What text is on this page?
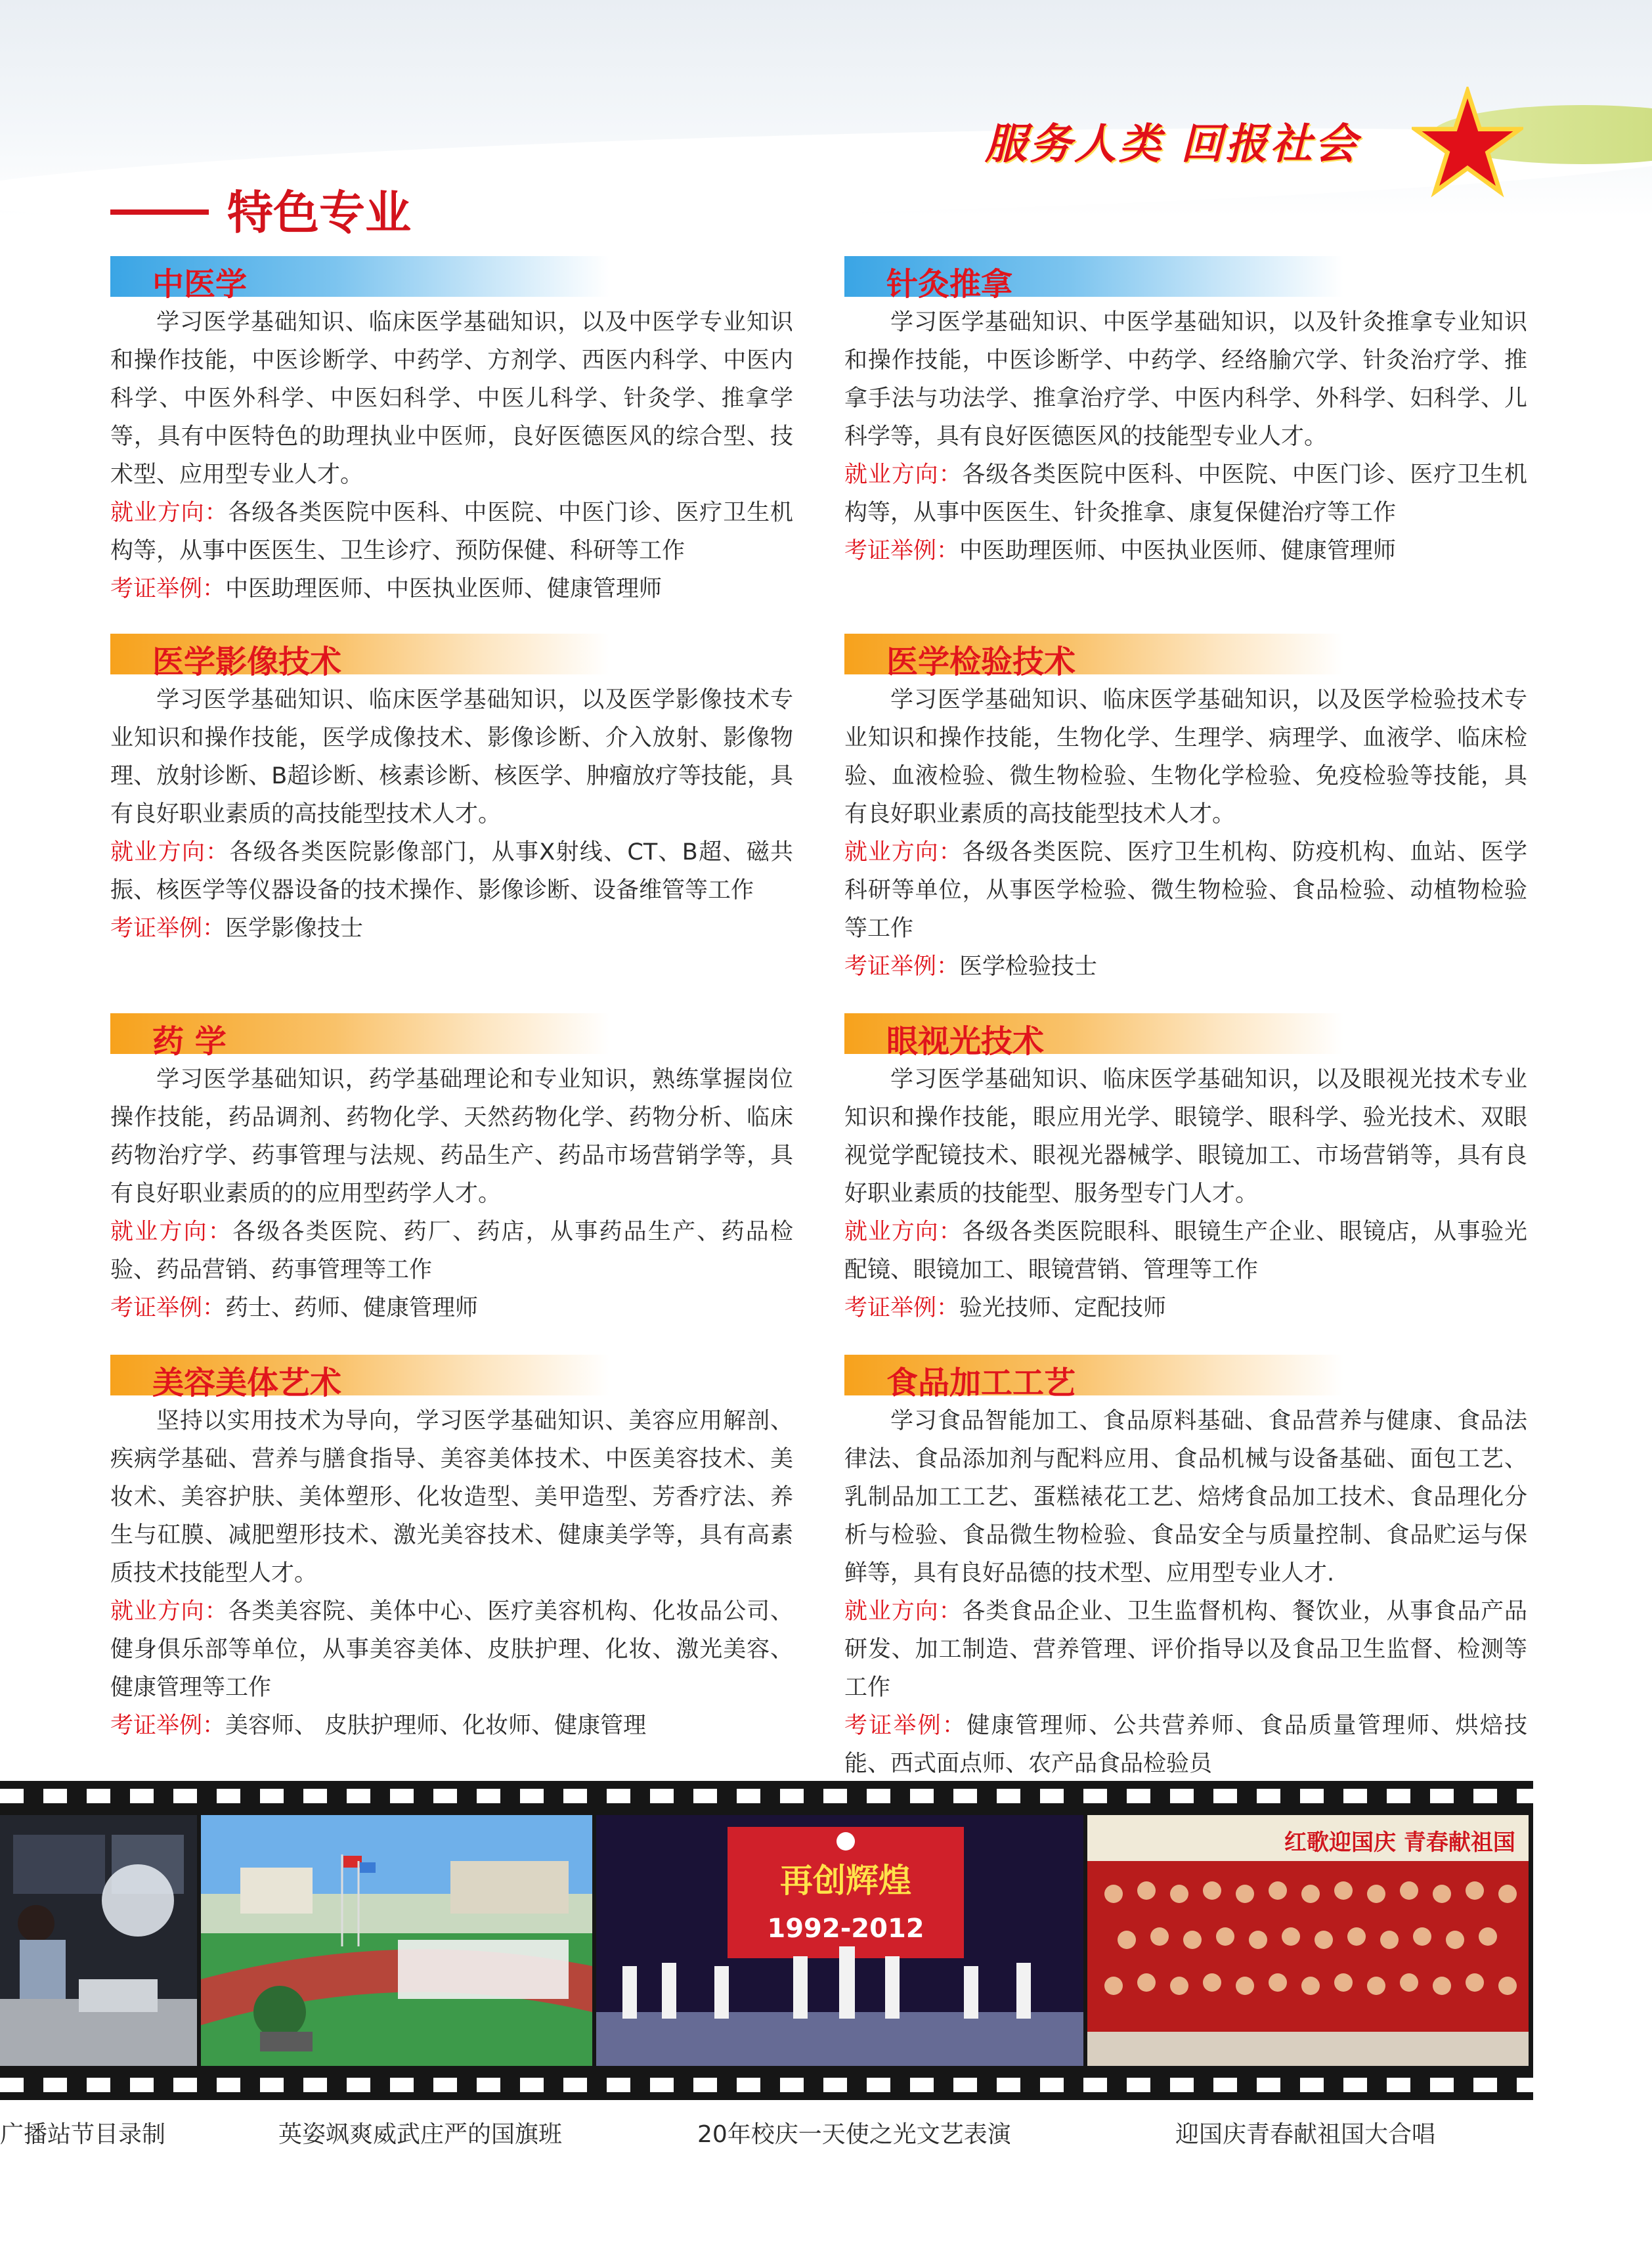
服务人类 回报社会
特色专业
中医学

学习医学基础知识、临床医学基础知识，以及中医学专业知识和操作技能，中医诊断学、中药学、方剂学、西医内科学、中医内科学、中医外科学、中医妇科学、中医儿科学、针灸学、推拿学等，具有中医特色的助理执业中医师，良好医德医风的综合型、技术型、应用型专业人才。

就业方向：各级各类医院中医科、中医院、中医门诊、医疗卫生机构等，从事中医医生、卫生诊疗、预防保健、科研等工作

考证举例：中医助理医师、中医执业医师、健康管理师

医学影像技术

学习医学基础知识、临床医学基础知识，以及医学影像技术专业知识和操作技能，医学成像技术、影像诊断、介入放射、影像物理、放射诊断、B超诊断、核素诊断、核医学、肿瘤放疗等技能，具有良好职业素质的高技能型技术人才。

就业方向：各级各类医院影像部门，从事X射线、CT、B超、磁共振、核医学等仪器设备的技术操作、影像诊断、设备维管等工作

考证举例：医学影像技士

药 学

学习医学基础知识，药学基础理论和专业知识，熟练掌握岗位操作技能，药品调剂、药物化学、天然药物化学、药物分析、临床药物治疗学、药事管理与法规、药品生产、药品市场营销学等，具有良好职业素质的的应用型药学人才。

就业方向：各级各类医院、药厂、药店，从事药品生产、药品检验、药品营销、药事管理等工作

考证举例：药士、药师、健康管理师

美容美体艺术

坚持以实用技术为导向，学习医学基础知识、美容应用解剖、疾病学基础、营养与膳食指导、美容美体技术、中医美容技术、美妆术、美容护肤、美体塑形、化妆造型、美甲造型、芳香疗法、养生与矼膜、减肥塑形技术、激光美容技术、健康美学等，具有高素质技术技能型人才。

就业方向：各类美容院、美体中心、医疗美容机构、化妆品公司、健身俱乐部等单位，从事美容美体、皮肤护理、化妆、激光美容、健康管理等工作

考证举例：美容师、 皮肤护理师、化妆师、健康管理

针灸推拿

学习医学基础知识、中医学基础知识，以及针灸推拿专业知识和操作技能，中医诊断学、中药学、经络腧穴学、针灸治疗学、推拿手法与功法学、推拿治疗学、中医内科学、外科学、妇科学、儿科学等，具有良好医德医风的技能型专业人才。

就业方向：各级各类医院中医科、中医院、中医门诊、医疗卫生机构等，从事中医医生、针灸推拿、康复保健治疗等工作

考证举例：中医助理医师、中医执业医师、健康管理师

医学检验技术

学习医学基础知识、临床医学基础知识，以及医学检验技术专业知识和操作技能，生物化学、生理学、病理学、血液学、临床检验、血液检验、微生物检验、生物化学检验、免疫检验等技能，具有良好职业素质的高技能型技术人才。

就业方向：各级各类医院、医疗卫生机构、防疫机构、血站、医学科研等单位，从事医学检验、微生物检验、食品检验、动植物检验等工作

考证举例：医学检验技士

眼视光技术

学习医学基础知识、临床医学基础知识，以及眼视光技术专业知识和操作技能，眼应用光学、眼镜学、眼科学、验光技术、双眼视觉学配镜技术、眼视光器械学、眼镜加工、市场营销等，具有良好职业素质的技能型、服务型专门人才。

就业方向：各级各类医院眼科、眼镜生产企业、眼镜店，从事验光配镜、眼镜加工、眼镜营销、管理等工作

考证举例：验光技师、定配技师

食品加工工艺

学习食品智能加工、食品原料基础、食品营养与健康、食品法律法、食品添加剂与配料应用、食品机械与设备基础、面包工艺、乳制品加工工艺、蛋糕裱花工艺、焙烤食品加工技术、食品理化分析与检验、食品微生物检验、食品安全与质量控制、食品贮运与保鲜等，具有良好品德的技术型、应用型专业人才.

就业方向：各类食品企业、卫生监督机构、餐饮业，从事食品产品研发、加工制造、营养管理、评价指导以及食品卫生监督、检测等工作

考证举例：健康管理师、公共营养师、食品质量管理师、烘焙技能、西式面点师、农产品食品检验员

再创辉煌
1992-2012
红歌迎国庆 青春献祖国
广播站节目录制	英姿飒爽威武庄严的国旗班	20年校庆一天使之光文艺表演	迎国庆青春献祖国大合唱
